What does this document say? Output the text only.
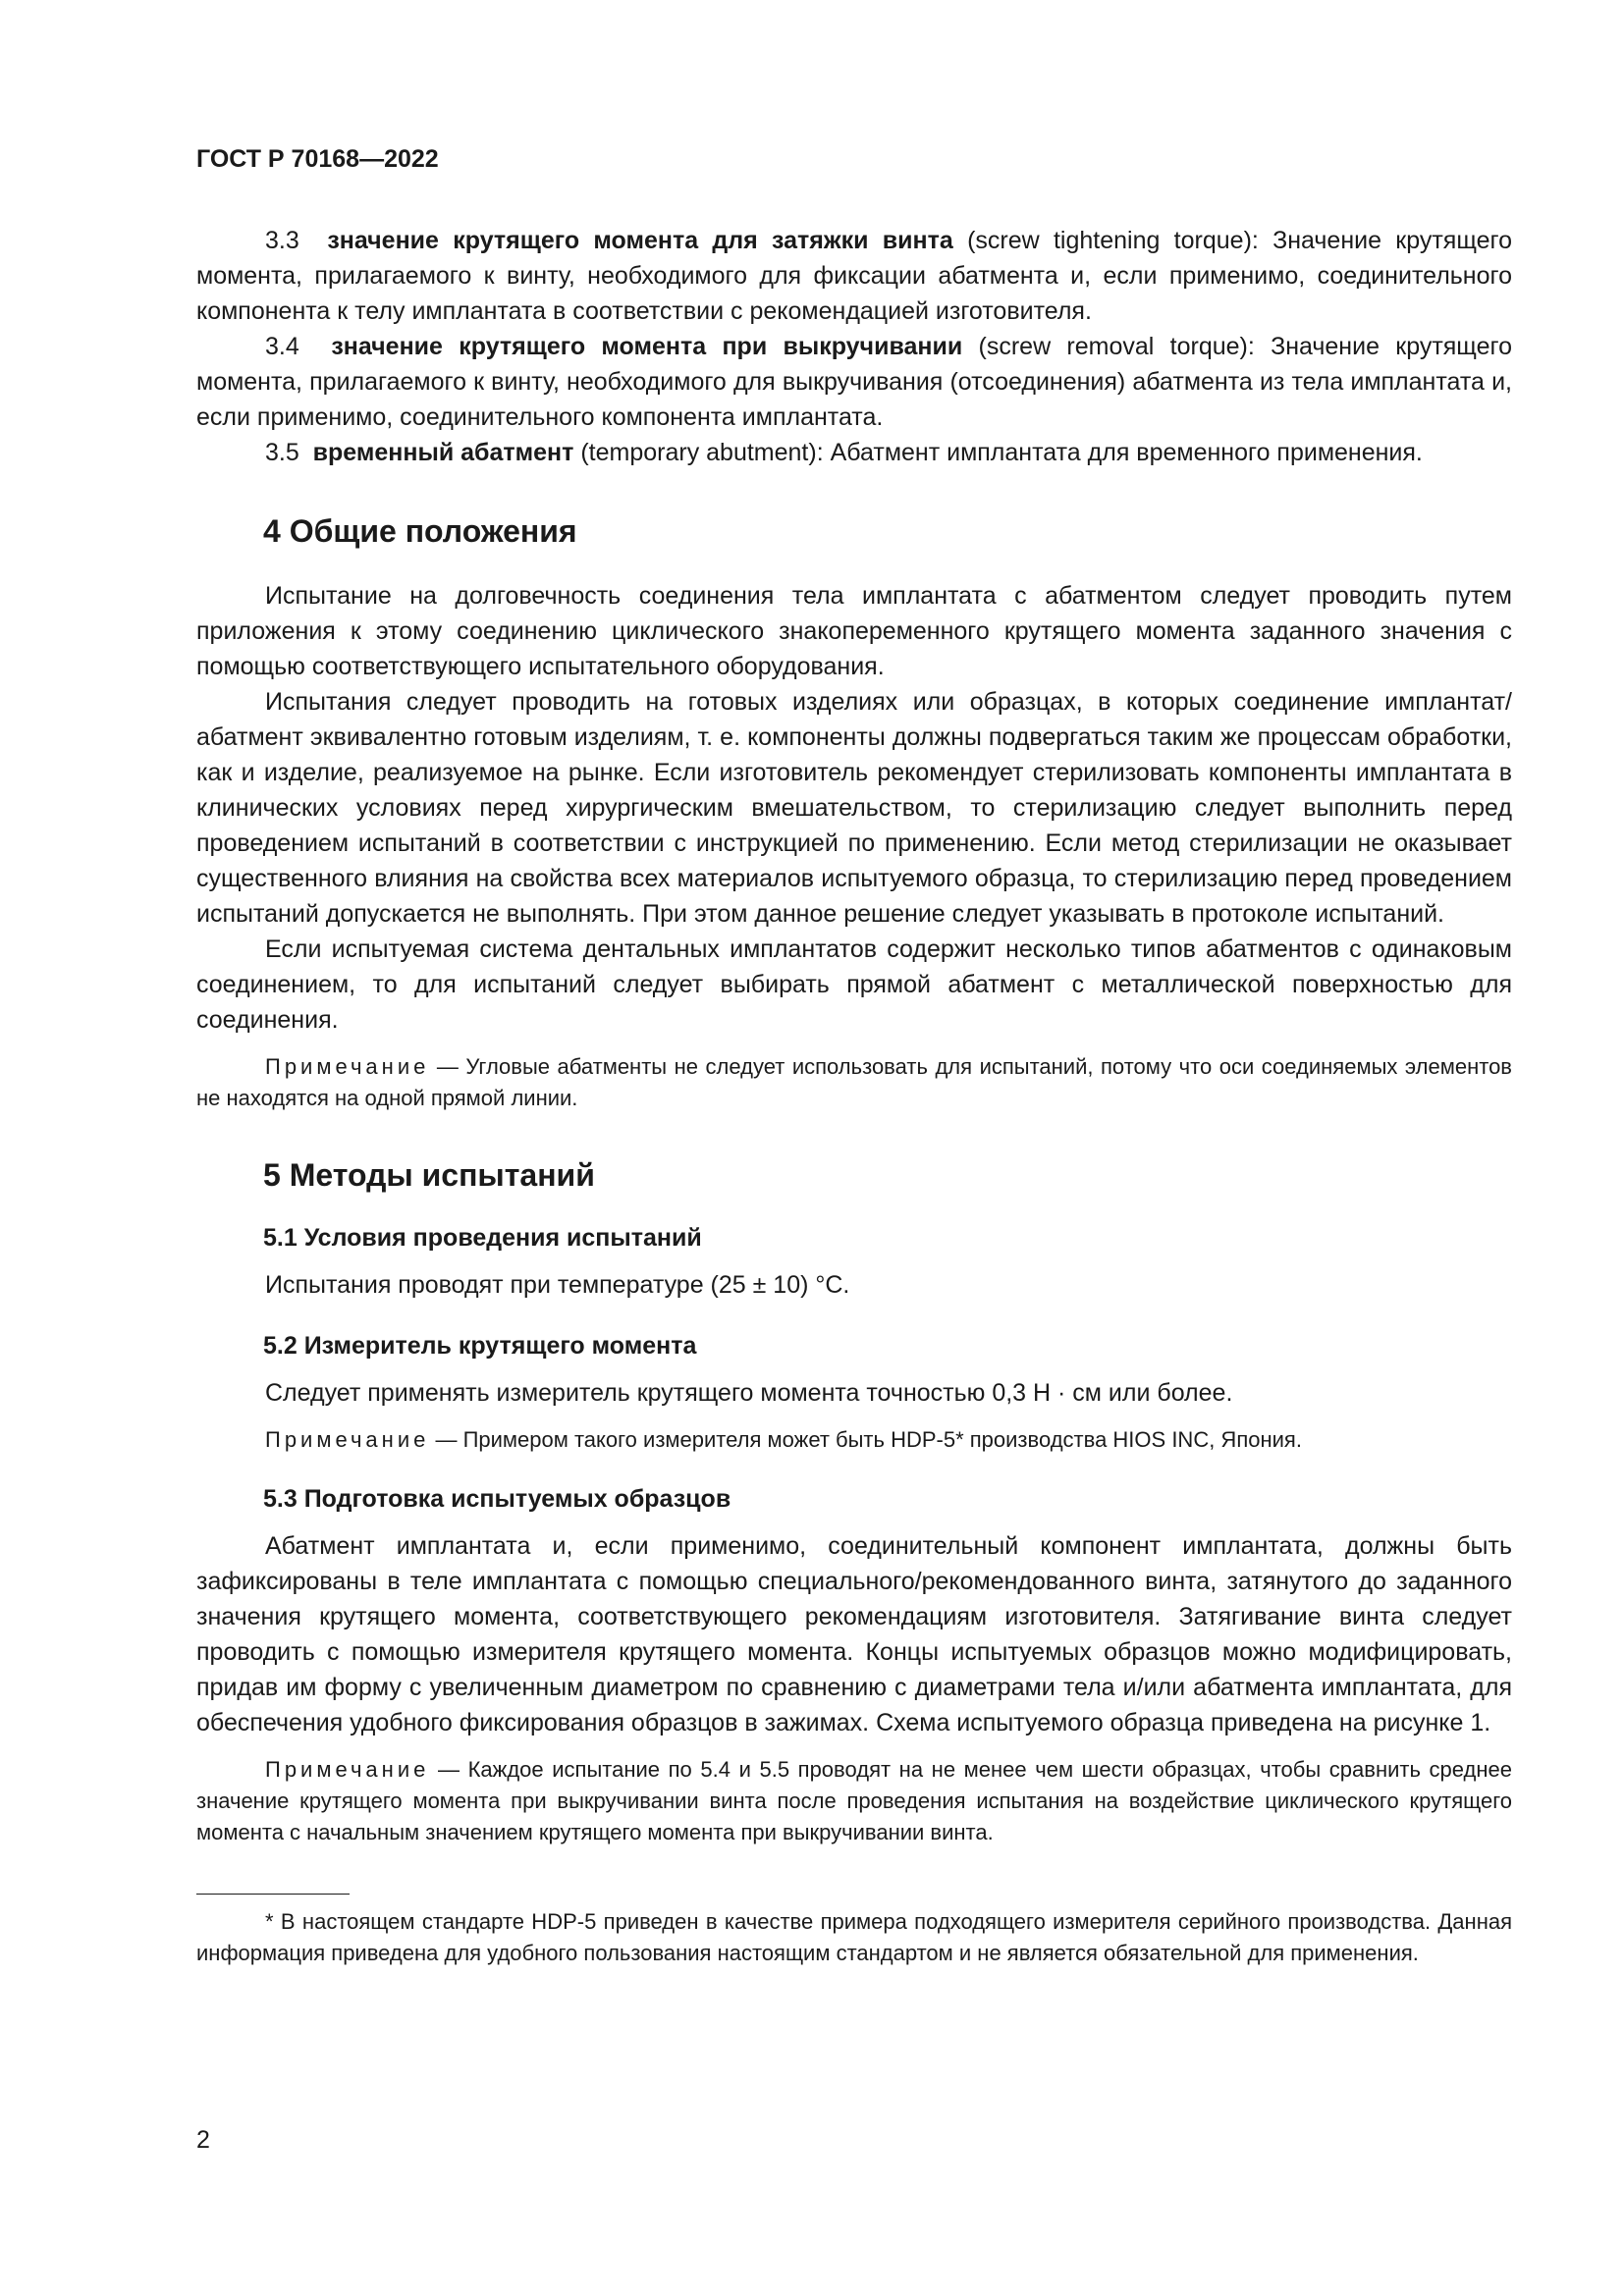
ГОСТ Р 70168—2022

3.3 значение крутящего момента для затяжки винта (screw tightening torque): Значение крутящего момента, прилагаемого к винту, необходимого для фиксации абатмента и, если применимо, соединительного компонента к телу имплантата в соответствии с рекомендацией изготовителя.

3.4 значение крутящего момента при выкручивании (screw removal torque): Значение крутящего момента, прилагаемого к винту, необходимого для выкручивания (отсоединения) абатмента из тела имплантата и, если применимо, соединительного компонента имплантата.

3.5 временный абатмент (temporary abutment): Абатмент имплантата для временного применения.

4 Общие положения

Испытание на долговечность соединения тела имплантата с абатментом следует проводить путем приложения к этому соединению циклического знакопеременного крутящего момента заданного значения с помощью соответствующего испытательного оборудования.

Испытания следует проводить на готовых изделиях или образцах, в которых соединение имплантат/абатмент эквивалентно готовым изделиям, т. е. компоненты должны подвергаться таким же процессам обработки, как и изделие, реализуемое на рынке. Если изготовитель рекомендует стерилизовать компоненты имплантата в клинических условиях перед хирургическим вмешательством, то стерилизацию следует выполнить перед проведением испытаний в соответствии с инструкцией по применению. Если метод стерилизации не оказывает существенного влияния на свойства всех материалов испытуемого образца, то стерилизацию перед проведением испытаний допускается не выполнять. При этом данное решение следует указывать в протоколе испытаний.

Если испытуемая система дентальных имплантатов содержит несколько типов абатментов с одинаковым соединением, то для испытаний следует выбирать прямой абатмент с металлической поверхностью для соединения.

Примечание — Угловые абатменты не следует использовать для испытаний, потому что оси соединяемых элементов не находятся на одной прямой линии.

5 Методы испытаний
5.1 Условия проведения испытаний

Испытания проводят при температуре (25 ± 10) °C.

5.2 Измеритель крутящего момента

Следует применять измеритель крутящего момента точностью 0,3 Н · см или более.

Примечание — Примером такого измерителя может быть HDP-5* производства HIOS INC, Япония.

5.3 Подготовка испытуемых образцов

Абатмент имплантата и, если применимо, соединительный компонент имплантата, должны быть зафиксированы в теле имплантата с помощью специального/рекомендованного винта, затянутого до заданного значения крутящего момента, соответствующего рекомендациям изготовителя. Затягивание винта следует проводить с помощью измерителя крутящего момента. Концы испытуемых образцов можно модифицировать, придав им форму с увеличенным диаметром по сравнению с диаметрами тела и/или абатмента имплантата, для обеспечения удобного фиксирования образцов в зажимах. Схема испытуемого образца приведена на рисунке 1.

Примечание — Каждое испытание по 5.4 и 5.5 проводят на не менее чем шести образцах, чтобы сравнить среднее значение крутящего момента при выкручивании винта после проведения испытания на воздействие циклического крутящего момента с начальным значением крутящего момента при выкручивании винта.

* В настоящем стандарте HDP-5 приведен в качестве примера подходящего измерителя серийного производства. Данная информация приведена для удобного пользования настоящим стандартом и не является обязательной для применения.

2
